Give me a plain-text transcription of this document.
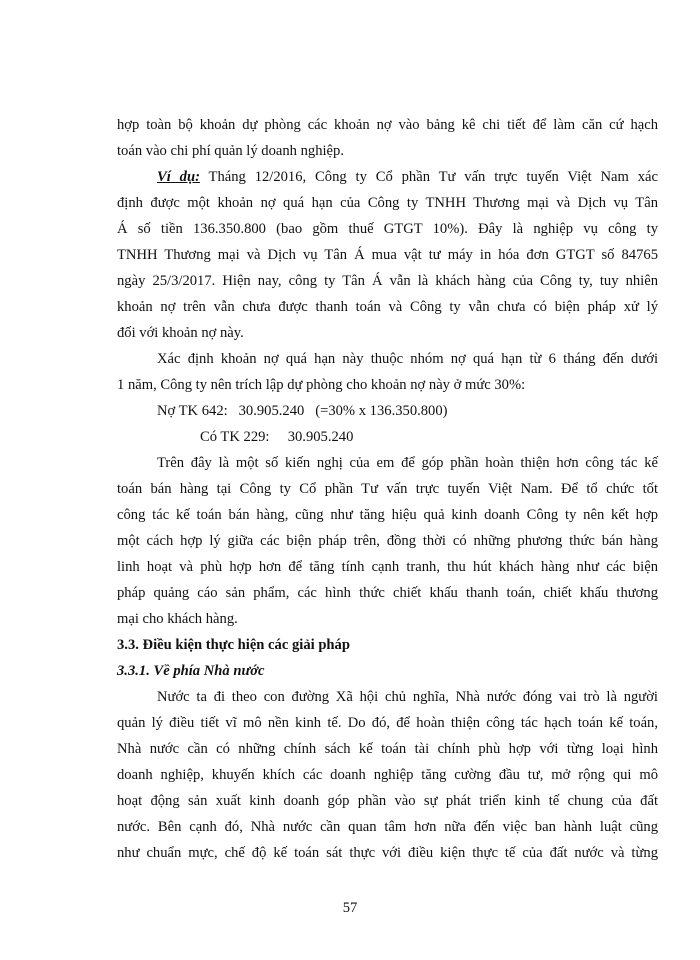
hợp toàn bộ khoản dự phòng các khoản nợ vào bảng kê chi tiết để làm căn cứ hạch
toán vào chi phí quản lý doanh nghiệp.
Ví dụ: Tháng 12/2016, Công ty Cổ phần Tư vấn trực tuyến Việt Nam xác
định được một khoản nợ quá hạn của Công ty TNHH Thương mại và Dịch vụ Tân
Á số tiền 136.350.800 (bao gồm thuế GTGT 10%). Đây là nghiệp vụ công ty
TNHH Thương mại và Dịch vụ Tân Á mua vật tư máy in hóa đơn GTGT số 84765
ngày 25/3/2017. Hiện nay, công ty Tân Á vẫn là khách hàng của Công ty, tuy nhiên
khoản nợ trên vẫn chưa được thanh toán và Công ty vẫn chưa có biện pháp xử lý
đối với khoản nợ này.
Xác định khoản nợ quá hạn này thuộc nhóm nợ quá hạn từ 6 tháng đến dưới
1 năm, Công ty nên trích lập dự phòng cho khoản nợ này ở mức 30%:
Nợ TK 642:   30.905.240   (=30% x 136.350.800)
Có TK 229:     30.905.240
Trên đây là một số kiến nghị của em để góp phần hoàn thiện hơn công tác kế
toán bán hàng tại Công ty Cổ phần Tư vấn trực tuyến Việt Nam. Để tổ chức tốt
công tác kế toán bán hàng, cũng như tăng hiệu quả kinh doanh Công ty nên kết hợp
một cách hợp lý giữa các biện pháp trên, đồng thời có những phương thức bán hàng
linh hoạt và phù hợp hơn để tăng tính cạnh tranh, thu hút khách hàng như các biện
pháp quảng cáo sản phẩm, các hình thức chiết khấu thanh toán, chiết khấu thương
mại cho khách hàng.
3.3. Điều kiện thực hiện các giải pháp
3.3.1. Về phía Nhà nước
Nước ta đi theo con đường Xã hội chủ nghĩa, Nhà nước đóng vai trò là người
quản lý điều tiết vĩ mô nền kinh tế. Do đó, để hoàn thiện công tác hạch toán kế toán,
Nhà nước cần có những chính sách kế toán tài chính phù hợp với từng loại hình
doanh nghiệp, khuyến khích các doanh nghiệp tăng cường đầu tư, mở rộng qui mô
hoạt động sản xuất kinh doanh góp phần vào sự phát triển kinh tế chung của đất
nước. Bên cạnh đó, Nhà nước cần quan tâm hơn nữa đến việc ban hành luật cũng
như chuẩn mực, chế độ kế toán sát thực với điều kiện thực tế của đất nước và từng
57
